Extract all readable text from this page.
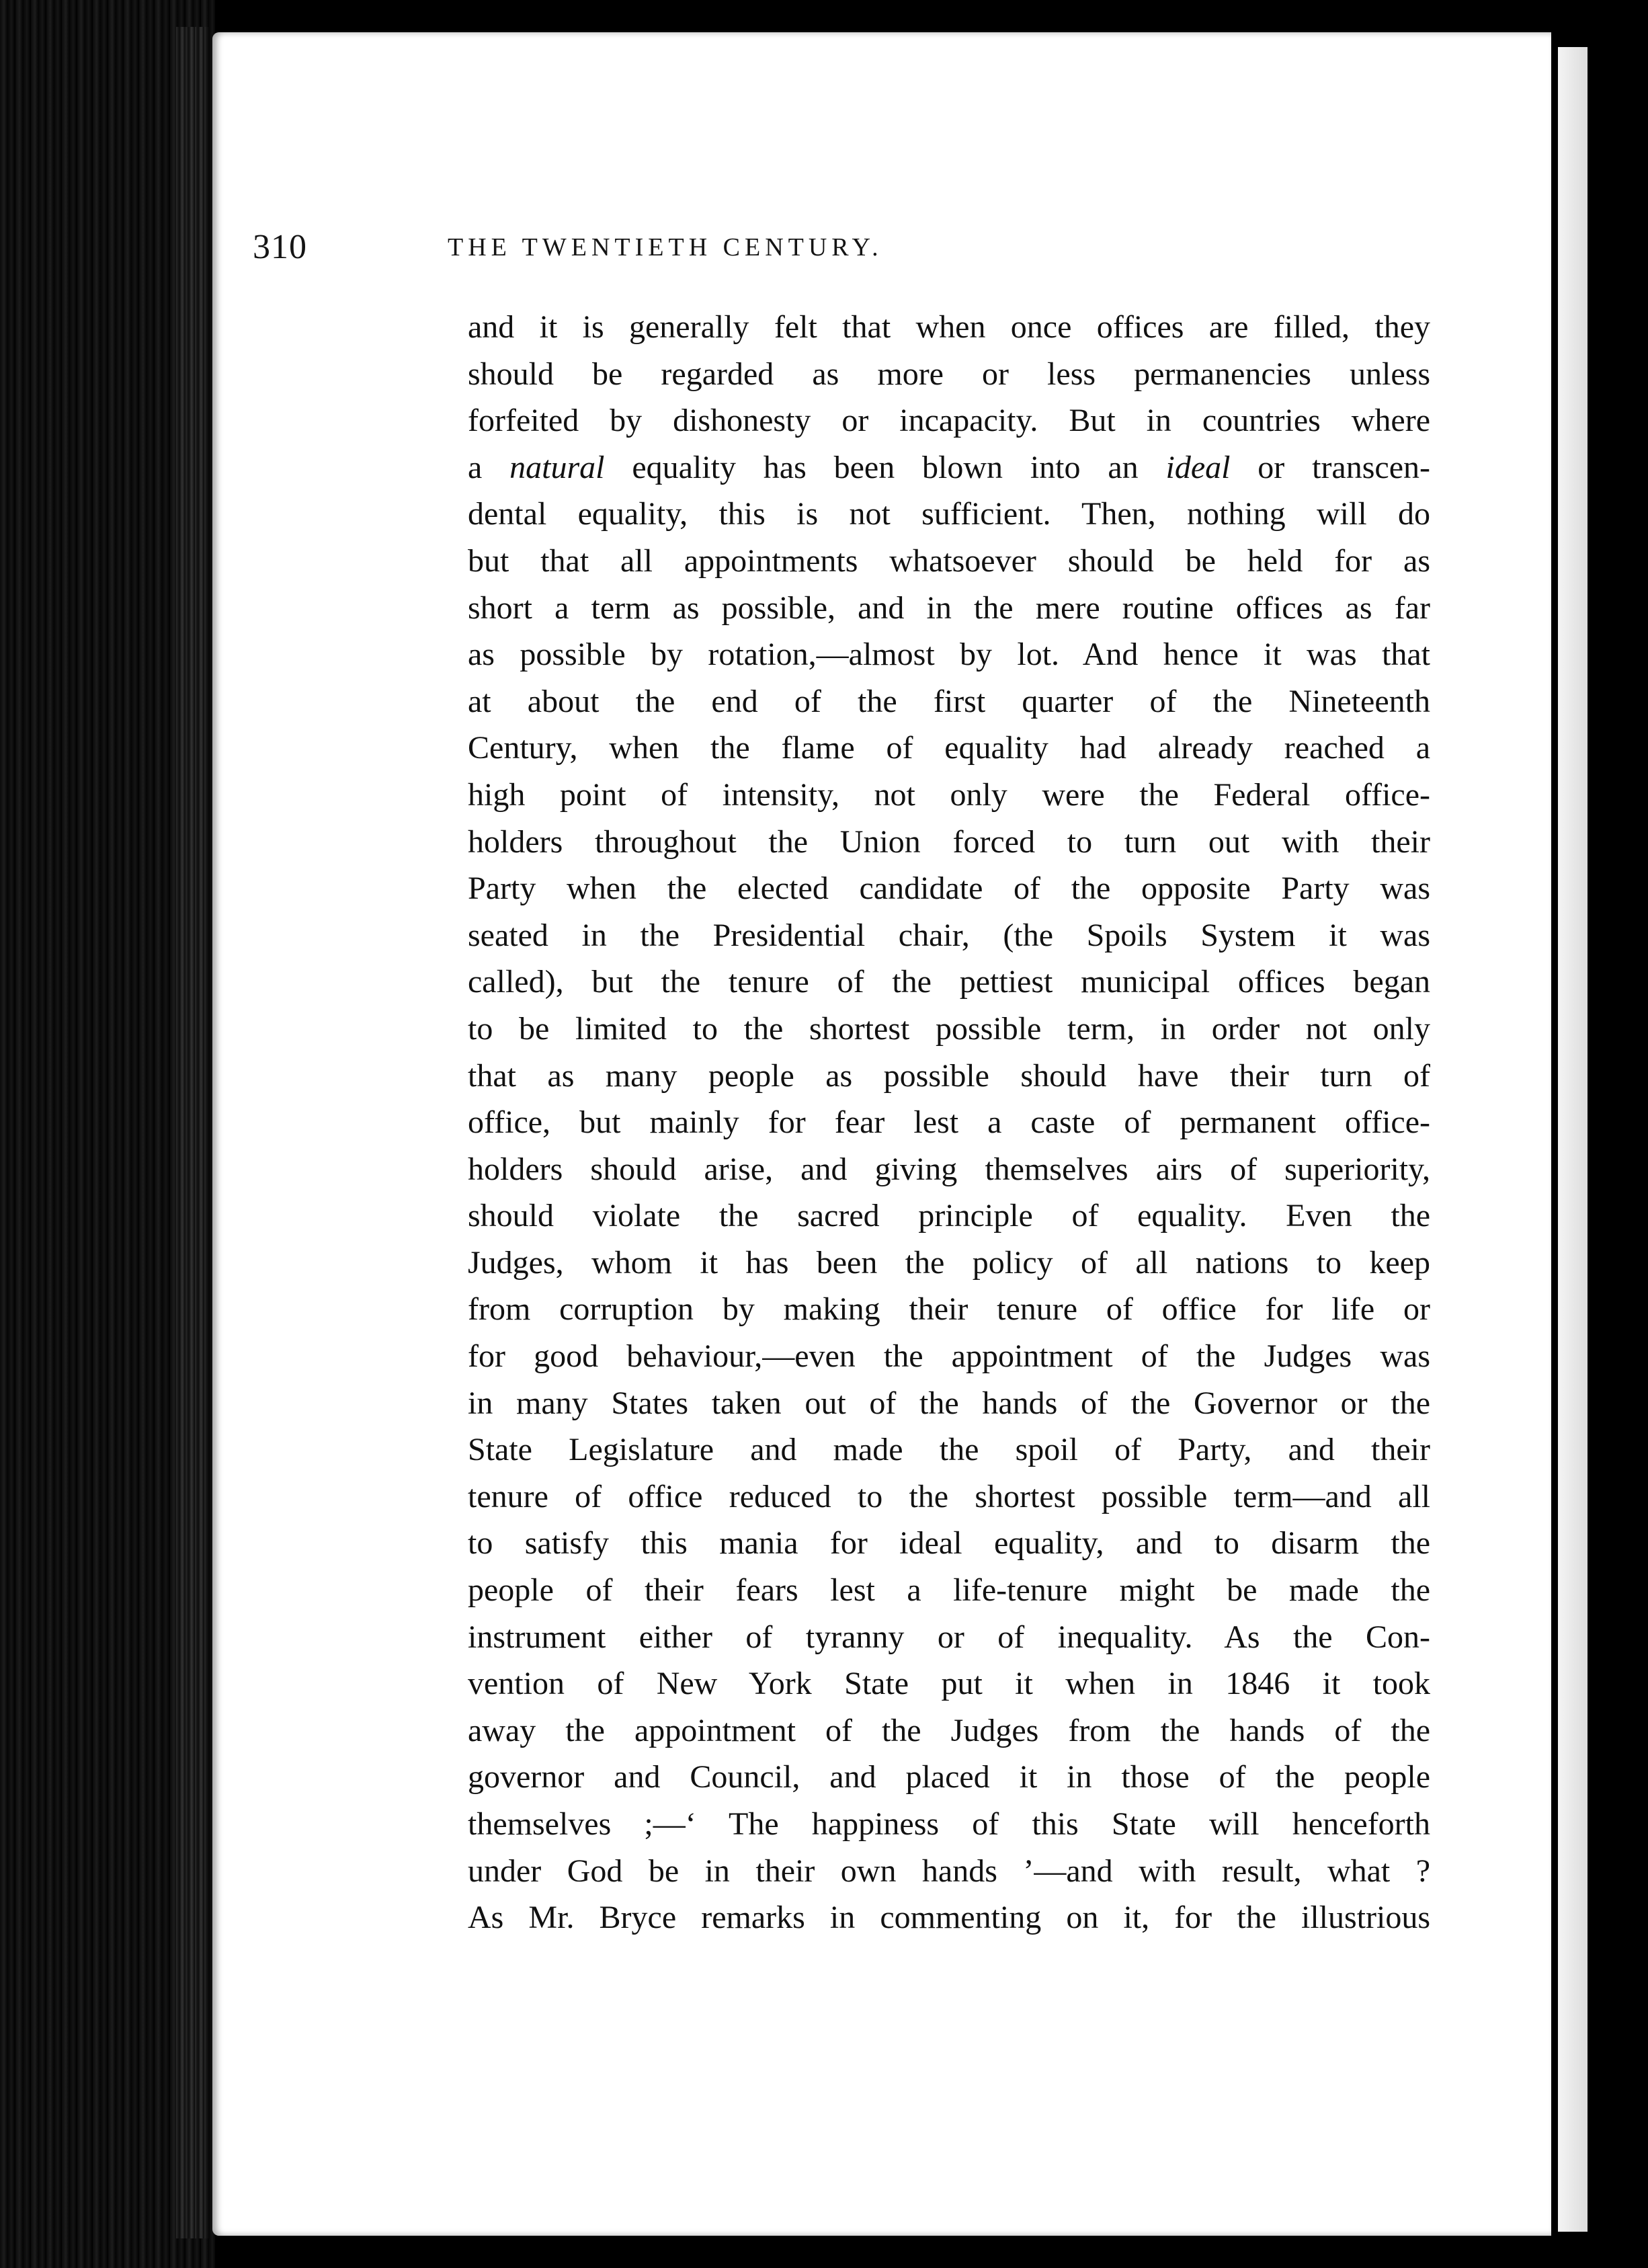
310	THE TWENTIETH CENTURY.
and it is generally felt that when once offices are filled, they
should be regarded as more or less permanencies unless
forfeited by dishonesty or incapacity. But in countries where
a natural equality has been blown into an ideal or transcen-
dental equality, this is not sufficient. Then, nothing will do
but that all appointments whatsoever should be held for as
short a term as possible, and in the mere routine offices as far
as possible by rotation,—almost by lot. And hence it was that
at about the end of the first quarter of the Nineteenth
Century, when the flame of equality had already reached a
high point of intensity, not only were the Federal office-
holders throughout the Union forced to turn out with their
Party when the elected candidate of the opposite Party was
seated in the Presidential chair, (the Spoils System it was
called), but the tenure of the pettiest municipal offices began
to be limited to the shortest possible term, in order not only
that as many people as possible should have their turn of
office, but mainly for fear lest a caste of permanent office-
holders should arise, and giving themselves airs of superiority,
should violate the sacred principle of equality. Even the
Judges, whom it has been the policy of all nations to keep
from corruption by making their tenure of office for life or
for good behaviour,—even the appointment of the Judges was
in many States taken out of the hands of the Governor or the
State Legislature and made the spoil of Party, and their
tenure of office reduced to the shortest possible term—and all
to satisfy this mania for ideal equality, and to disarm the
people of their fears lest a life-tenure might be made the
instrument either of tyranny or of inequality. As the Con-
vention of New York State put it when in 1846 it took
away the appointment of the Judges from the hands of the
governor and Council, and placed it in those of the people
themselves ;—‘ The happiness of this State will henceforth
under God be in their own hands ’—and with result, what ?
As Mr. Bryce remarks in commenting on it, for the illustrious
